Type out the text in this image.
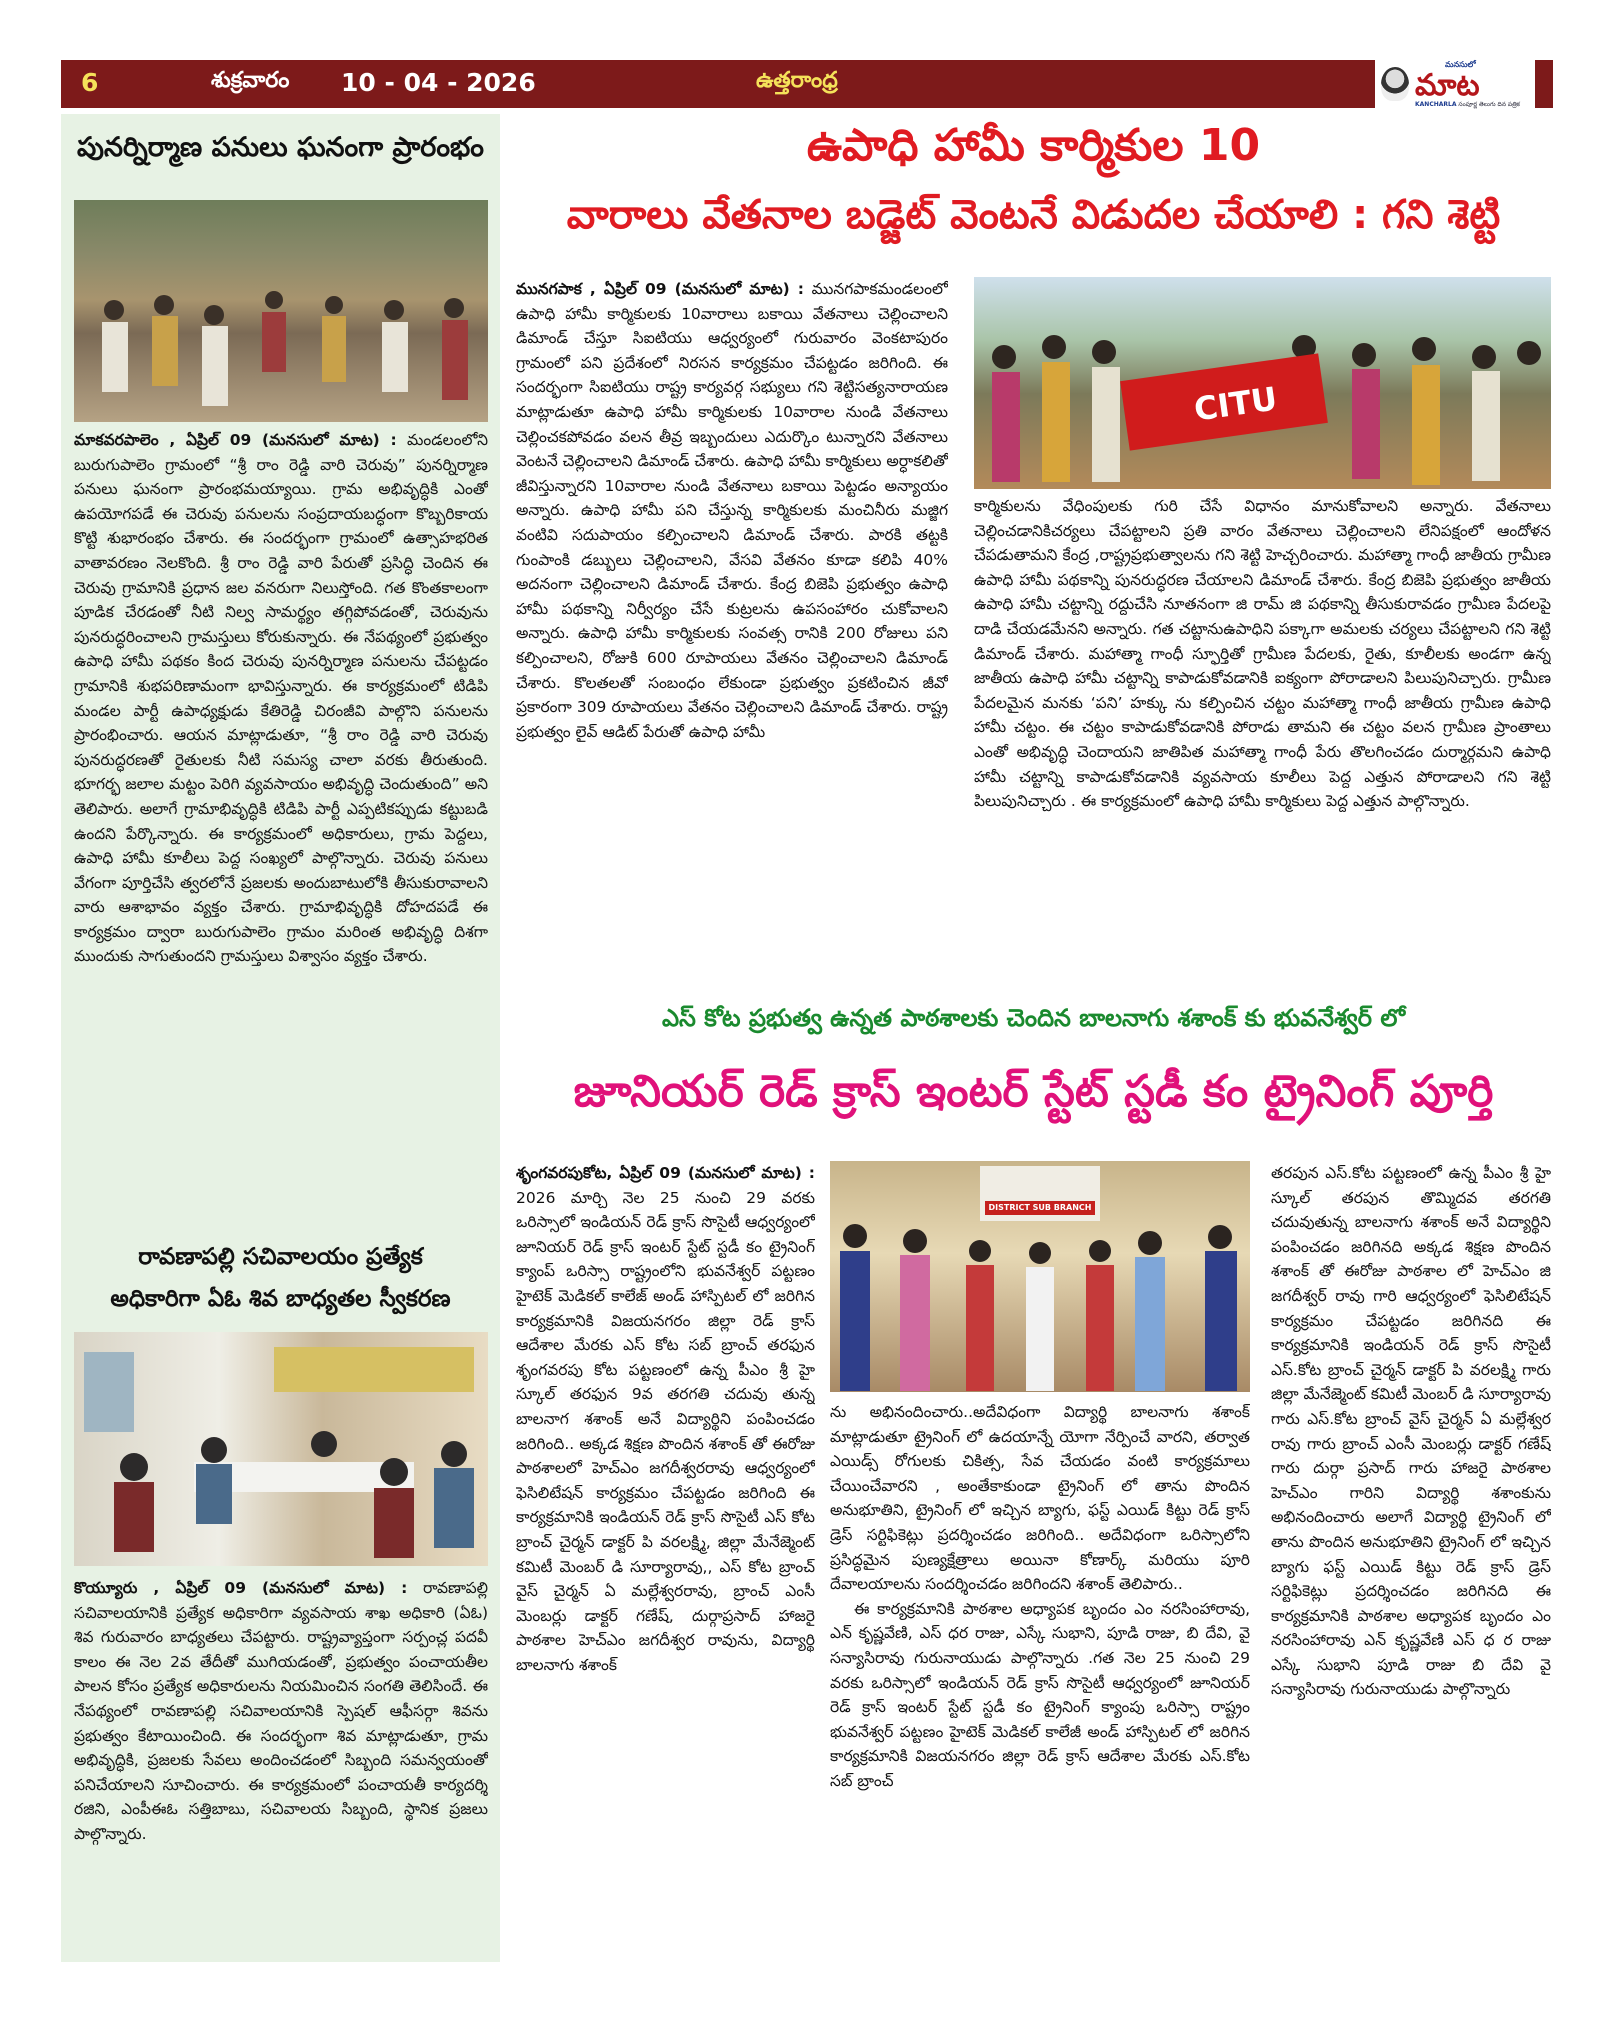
6	శుక్రవారం 10 - 04 - 2026	ఉత్తరాంధ్ర
మనసులో
మాట
KANCHARLA సంపూర్ణ తెలుగు దిన పత్రిక
పునర్నిర్మాణ పనులు ఘనంగా ప్రారంభం
మాకవరపాలెం , ఏప్రిల్ 09 (మనసులో మాట) : మండలంలోని బురుగుపాలెం గ్రామంలో “శ్రీ రాం రెడ్డి వారి చెరువు” పునర్నిర్మాణ పనులు ఘనంగా ప్రారంభమయ్యాయి. గ్రామ అభివృద్ధికి ఎంతో ఉపయోగపడే ఈ చెరువు పనులను సంప్రదాయబద్ధంగా కొబ్బరికాయ కొట్టి శుభారంభం చేశారు. ఈ సందర్భంగా గ్రామంలో ఉత్సాహభరిత వాతావరణం నెలకొంది. శ్రీ రాం రెడ్డి వారి పేరుతో ప్రసిద్ధి చెందిన ఈ చెరువు గ్రామానికి ప్రధాన జల వనరుగా నిలుస్తోంది. గత కొంతకాలంగా పూడిక చేరడంతో నీటి నిల్వ సామర్థ్యం తగ్గిపోవడంతో, చెరువును పునరుద్ధరించాలని గ్రామస్తులు కోరుకున్నారు. ఈ నేపథ్యంలో ప్రభుత్వం ఉపాధి హామీ పథకం కింద చెరువు పునర్నిర్మాణ పనులను చేపట్టడం గ్రామానికి శుభపరిణామంగా భావిస్తున్నారు. ఈ కార్యక్రమంలో టిడిపి మండల పార్టీ ఉపాధ్యక్షుడు కేతిరెడ్డి చిరంజీవి పాల్గొని పనులను ప్రారంభించారు. ఆయన మాట్లాడుతూ, “శ్రీ రాం రెడ్డి వారి చెరువు పునరుద్ధరణతో రైతులకు నీటి సమస్య చాలా వరకు తీరుతుంది. భూగర్భ జలాల మట్టం పెరిగి వ్యవసాయం అభివృద్ధి చెందుతుంది” అని తెలిపారు. అలాగే గ్రామాభివృద్ధికి టిడిపి పార్టీ ఎప్పటికప్పుడు కట్టుబడి ఉందని పేర్కొన్నారు. ఈ కార్యక్రమంలో అధికారులు, గ్రామ పెద్దలు, ఉపాధి హామీ కూలీలు పెద్ద సంఖ్యలో పాల్గొన్నారు. చెరువు పనులు వేగంగా పూర్తిచేసి త్వరలోనే ప్రజలకు అందుబాటులోకి తీసుకురావాలని వారు ఆశాభావం వ్యక్తం చేశారు. గ్రామాభివృద్ధికి దోహదపడే ఈ కార్యక్రమం ద్వారా బురుగుపాలెం గ్రామం మరింత అభివృద్ధి దిశగా ముందుకు సాగుతుందని గ్రామస్తులు విశ్వాసం వ్యక్తం చేశారు.
రావణాపల్లి సచివాలయం ప్రత్యేక
అధికారిగా ఏఓ శివ బాధ్యతల స్వీకరణ
కొయ్యూరు , ఏప్రిల్ 09 (మనసులో మాట) : రావణాపల్లి సచివాలయానికి ప్రత్యేక అధికారిగా వ్యవసాయ శాఖ అధికారి (ఏఓ) శివ గురువారం బాధ్యతలు చేపట్టారు. రాష్ట్రవ్యాప్తంగా సర్పంచ్ల పదవీ కాలం ఈ నెల 2వ తేదీతో ముగియడంతో, ప్రభుత్వం పంచాయతీల పాలన కోసం ప్రత్యేక అధికారులను నియమించిన సంగతి తెలిసిందే. ఈ నేపథ్యంలో రావణాపల్లి సచివాలయానికి స్పెషల్ ఆఫీసర్గా శివను ప్రభుత్వం కేటాయించింది. ఈ సందర్భంగా శివ మాట్లాడుతూ, గ్రామ అభివృద్ధికి, ప్రజలకు సేవలు అందించడంలో సిబ్బంది సమన్వయంతో పనిచేయాలని సూచించారు. ఈ కార్యక్రమంలో పంచాయతీ కార్యదర్శి రజిని, ఎంపీఈఓ సత్తిబాబు, సచివాలయ సిబ్బంది, స్థానిక ప్రజలు పాల్గొన్నారు.
ఉపాధి హామీ కార్మికుల 10
వారాలు వేతనాల బడ్జెట్ వెంటనే విడుదల చేయాలి : గని శెట్టి
మునగపాక , ఏప్రిల్ 09 (మనసులో మాట) : మునగపాకమండలంలో ఉపాధి హామీ కార్మికులకు 10వారాలు బకాయి వేతనాలు చెల్లించాలని డిమాండ్ చేస్తూ సిఐటియు ఆధ్వర్యంలో గురువారం వెంకటాపురం గ్రామంలో పని ప్రదేశంలో నిరసన కార్యక్రమం చేపట్టడం జరిగింది. ఈ సందర్భంగా సిఐటియు రాష్ట్ర కార్యవర్గ సభ్యులు గని శెట్టిసత్యనారాయణ మాట్లాడుతూ ఉపాధి హామీ కార్మికులకు 10వారాల నుండి వేతనాలు చెల్లించకపోవడం వలన తీవ్ర ఇబ్బందులు ఎదుర్కొం టున్నారని వేతనాలు వెంటనే చెల్లించాలని డిమాండ్ చేశారు. ఉపాధి హామీ కార్మికులు అర్ధాకలితో జీవిస్తున్నారని 10వారాల నుండి వేతనాలు బకాయి పెట్టడం అన్యాయం అన్నారు. ఉపాధి హామీ పని చేస్తున్న కార్మికులకు మంచినీరు మజ్జిగ వంటివి సదుపాయం కల్పించాలని డిమాండ్ చేశారు. పారకి తట్టకి గుంపాంకి డబ్బులు చెల్లించాలని, వేసవి వేతనం కూడా కలిపి 40% అదనంగా చెల్లించాలని డిమాండ్ చేశారు. కేంద్ర బిజెపి ప్రభుత్వం ఉపాధి హామీ పథకాన్ని నిర్వీర్యం చేసే కుట్రలను ఉపసంహారం చుకోవాలని అన్నారు. ఉపాధి హామీ కార్మికులకు సంవత్స రానికి 200 రోజులు పని కల్పించాలని, రోజుకి 600 రూపాయలు వేతనం చెల్లించాలని డిమాండ్ చేశారు. కొలతలతో సంబంధం లేకుండా ప్రభుత్వం ప్రకటించిన జీవో ప్రకారంగా 309 రూపాయలు వేతనం చెల్లించాలని డిమాండ్ చేశారు. రాష్ట్ర ప్రభుత్వం లైవ్ ఆడిట్ పేరుతో ఉపాధి హామీ
CITU
కార్మికులను వేధింపులకు గురి చేసే విధానం మానుకోవాలని అన్నారు. వేతనాలు చెల్లించడానికిచర్యలు చేపట్టాలని ప్రతి వారం వేతనాలు చెల్లించాలని లేనిపక్షంలో ఆందోళన చేపడుతామని కేంద్ర ,రాష్ట్రప్రభుత్వాలను గని శెట్టి హెచ్చరించారు. మహాత్మా గాంధీ జాతీయ గ్రామీణ ఉపాధి హామీ పథకాన్ని పునరుద్ధరణ చేయాలని డిమాండ్ చేశారు. కేంద్ర బిజెపి ప్రభుత్వం జాతీయ ఉపాధి హామీ చట్టాన్ని రద్దుచేసి నూతనంగా జి రామ్ జి పథకాన్ని తీసుకురావడం గ్రామీణ పేదలపై దాడి చేయడమేనని అన్నారు. గత చట్టానుఉపాధిని పక్కాగా అమలకు చర్యలు చేపట్టాలని గని శెట్టి డిమాండ్ చేశారు. మహాత్మా గాంధీ స్ఫూర్తితో గ్రామీణ పేదలకు, రైతు, కూలీలకు అండగా ఉన్న జాతీయ ఉపాధి హామీ చట్టాన్ని కాపాడుకోవడానికి ఐక్యంగా పోరాడాలని పిలుపునిచ్చారు. గ్రామీణ పేదలమైన మనకు ‘పని’ హక్కు ను కల్పించిన చట్టం మహాత్మా గాంధీ జాతీయ గ్రామీణ ఉపాధి హామీ చట్టం. ఈ చట్టం కాపాడుకోవడానికి పోరాడు తామని ఈ చట్టం వలన గ్రామీణ ప్రాంతాలు ఎంతో అభివృద్ధి చెందాయని జాతిపిత మహాత్మా గాంధీ పేరు తొలగించడం దుర్మార్గమని ఉపాధి హామీ చట్టాన్ని కాపాడుకోవడానికి వ్యవసాయ కూలీలు పెద్ద ఎత్తున పోరాడాలని గని శెట్టి పిలుపునిచ్చారు . ఈ కార్యక్రమంలో ఉపాధి హామీ కార్మికులు పెద్ద ఎత్తున పాల్గొన్నారు.
ఎస్ కోట ప్రభుత్వ ఉన్నత పాఠశాలకు చెందిన బాలనాగు శశాంక్ కు భువనేశ్వర్ లో
జూనియర్ రెడ్ క్రాస్ ఇంటర్ స్టేట్ స్టడీ కం ట్రైనింగ్ పూర్తి
శృంగవరపుకోట, ఏప్రిల్ 09 (మనసులో మాట) : 2026 మార్చి నెల 25 నుంచి 29 వరకు ఒరిస్సాలో ఇండియన్ రెడ్ క్రాస్ సొసైటీ ఆధ్వర్యంలో జూనియర్ రెడ్ క్రాస్ ఇంటర్ స్టేట్ స్టడీ కం ట్రైనింగ్ క్యాంప్ ఒరిస్సా రాష్ట్రంలోని భువనేశ్వర్ పట్టణం హైటెక్ మెడికల్ కాలేజ్ అండ్ హాస్పిటల్ లో జరిగిన కార్యక్రమానికి విజయనగరం జిల్లా రెడ్ క్రాస్ ఆదేశాల మేరకు ఎస్ కోట సబ్ బ్రాంచ్ తరఫున శృంగవరపు కోట పట్టణంలో ఉన్న పీఎం శ్రీ హై స్కూల్ తరఫున 9వ తరగతి చదువు తున్న బాలనాగ శశాంక్ అనే విద్యార్థిని పంపించడం జరిగింది.. అక్కడ శిక్షణ పొందిన శశాంక్ తో ఈరోజు పాఠశాలలో హెచ్ఎం జగదీశ్వరరావు ఆధ్వర్యంలో ఫెసిలిటేషన్ కార్యక్రమం చేపట్టడం జరిగింది ఈ కార్యక్రమానికి ఇండియన్ రెడ్ క్రాస్ సొసైటీ ఎస్ కోట బ్రాంచ్ చైర్మన్ డాక్టర్ పి వరలక్ష్మి, జిల్లా మేనేజ్మెంట్ కమిటీ మెంబర్ డి సూర్యారావు,, ఎస్ కోట బ్రాంచ్ వైస్ చైర్మన్ ఏ మల్లేశ్వరరావు, బ్రాంచ్ ఎంసీ మెంబర్లు డాక్టర్ గణేష్, దుర్గాప్రసాద్ హాజరై పాఠశాల హెచ్ఎం జగదీశ్వర రావును, విద్యార్థి బాలనాగు శశాంక్
DISTRICT SUB BRANCH
ను అభినందించారు..అదేవిధంగా విద్యార్థి బాలనాగు శశాంక్ మాట్లాడుతూ ట్రైనింగ్ లో ఉదయాన్నే యోగా నేర్పించే వారని, తర్వాత ఎయిడ్స్ రోగులకు చికిత్స, సేవ చేయడం వంటి కార్యక్రమాలు చేయించేవారని , అంతేకాకుండా ట్రైనింగ్ లో తాను పొందిన అనుభూతిని, ట్రైనింగ్ లో ఇచ్చిన బ్యాగు, ఫస్ట్ ఎయిడ్ కిట్టు రెడ్ క్రాస్ డ్రెస్ సర్టిఫికెట్లు ప్రదర్శించడం జరిగింది.. అదేవిధంగా ఒరిస్సాలోని ప్రసిద్ధమైన పుణ్యక్షేత్రాలు అయినా కోణార్క్ మరియు పూరి దేవాలయాలను సందర్శించడం జరిగిందని శశాంక్ తెలిపారు..
ఈ కార్యక్రమానికి పాఠశాల అధ్యాపక బృందం ఎం నరసింహారావు, ఎన్ కృష్ణవేణి, ఎస్ ధర రాజు, ఎస్కే సుభాని, పూడి రాజు, బి దేవి, వై సన్యాసిరావు గురునాయుడు పాల్గొన్నారు .గత నెల 25 నుంచి 29 వరకు ఒరిస్సాలో ఇండియన్ రెడ్ క్రాస్ సొసైటీ ఆధ్వర్యంలో జూనియర్ రెడ్ క్రాస్ ఇంటర్ స్టేట్ స్టడీ కం ట్రైనింగ్ క్యాంపు ఒరిస్సా రాష్ట్రం భువనేశ్వర్ పట్టణం హైటెక్ మెడికల్ కాలేజీ అండ్ హాస్పిటల్ లో జరిగిన కార్యక్రమానికి విజయనగరం జిల్లా రెడ్ క్రాస్ ఆదేశాల మేరకు ఎస్.కోట సబ్ బ్రాంచ్
తరపున ఎస్.కోట పట్టణంలో ఉన్న పీఎం శ్రీ హై స్కూల్ తరపున తొమ్మిదవ తరగతి చదువుతున్న బాలనాగు శశాంక్ అనే విద్యార్థిని పంపించడం జరిగినది అక్కడ శిక్షణ పొందిన శశాంక్ తో ఈరోజు పాఠశాల లో హెచ్ఎం జి జగదీశ్వర్ రావు గారి ఆధ్వర్యంలో ఫెసిలిటేషన్ కార్యక్రమం చేపట్టడం జరిగినది ఈ కార్యక్రమానికి ఇండియన్ రెడ్ క్రాస్ సొసైటీ ఎస్.కోట బ్రాంచ్ చైర్మన్ డాక్టర్ పి వరలక్ష్మి గారు జిల్లా మేనేజ్మెంట్ కమిటీ మెంబర్ డి సూర్యారావు గారు ఎస్.కోట బ్రాంచ్ వైస్ చైర్మన్ ఏ మల్లేశ్వర రావు గారు బ్రాంచ్ ఎంసీ మెంబర్లు డాక్టర్ గణేష్ గారు దుర్గా ప్రసాద్ గారు హాజరై పాఠశాల హెచ్ఎం గారిని విద్యార్థి శశాంకును అభినందించారు అలాగే విద్యార్థి ట్రైనింగ్ లో తాను పొందిన అనుభూతిని ట్రైనింగ్ లో ఇచ్చిన బ్యాగు ఫస్ట్ ఎయిడ్ కిట్టు రెడ్ క్రాస్ డ్రెస్ సర్టిఫికెట్లు ప్రదర్శించడం జరిగినది ఈ కార్యక్రమానికి పాఠశాల అధ్యాపక బృందం ఎం నరసింహారావు ఎన్ కృష్ణవేణి ఎస్ ధ ర రాజు ఎస్కే సుభాని పూడి రాజు బి దేవి వై సన్యాసిరావు గురునాయుడు పాల్గొన్నారు
